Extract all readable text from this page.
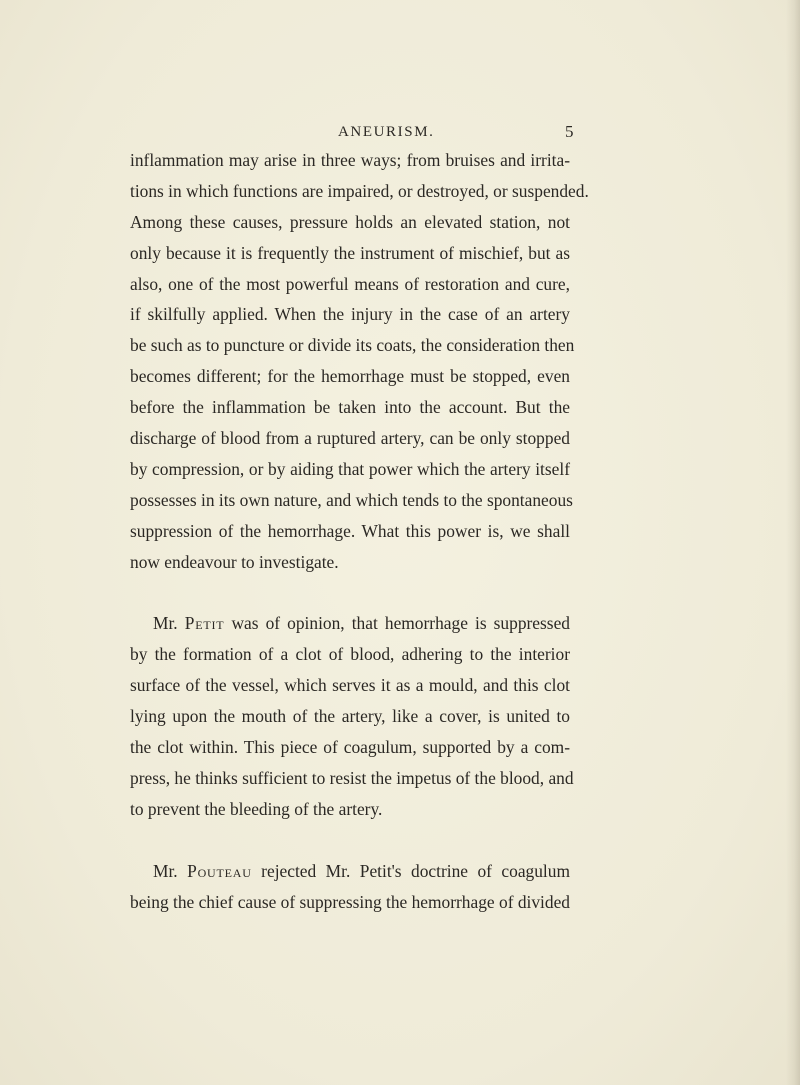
ANEURISM.	5
inflammation may arise in three ways; from bruises and irrita-
tions in which functions are impaired, or destroyed, or suspended.
Among these causes, pressure holds an elevated station, not
only because it is frequently the instrument of mischief, but as
also, one of the most powerful means of restoration and cure,
if skilfully applied. When the injury in the case of an artery
be such as to puncture or divide its coats, the consideration then
becomes different; for the hemorrhage must be stopped, even
before the inflammation be taken into the account. But the
discharge of blood from a ruptured artery, can be only stopped
by compression, or by aiding that power which the artery itself
possesses in its own nature, and which tends to the spontaneous
suppression of the hemorrhage. What this power is, we shall
now endeavour to investigate.
Mr. Petit was of opinion, that hemorrhage is suppressed
by the formation of a clot of blood, adhering to the interior
surface of the vessel, which serves it as a mould, and this clot
lying upon the mouth of the artery, like a cover, is united to
the clot within. This piece of coagulum, supported by a com-
press, he thinks sufficient to resist the impetus of the blood, and
to prevent the bleeding of the artery.
Mr. Pouteau rejected Mr. Petit's doctrine of coagulum
being the chief cause of suppressing the hemorrhage of divided
